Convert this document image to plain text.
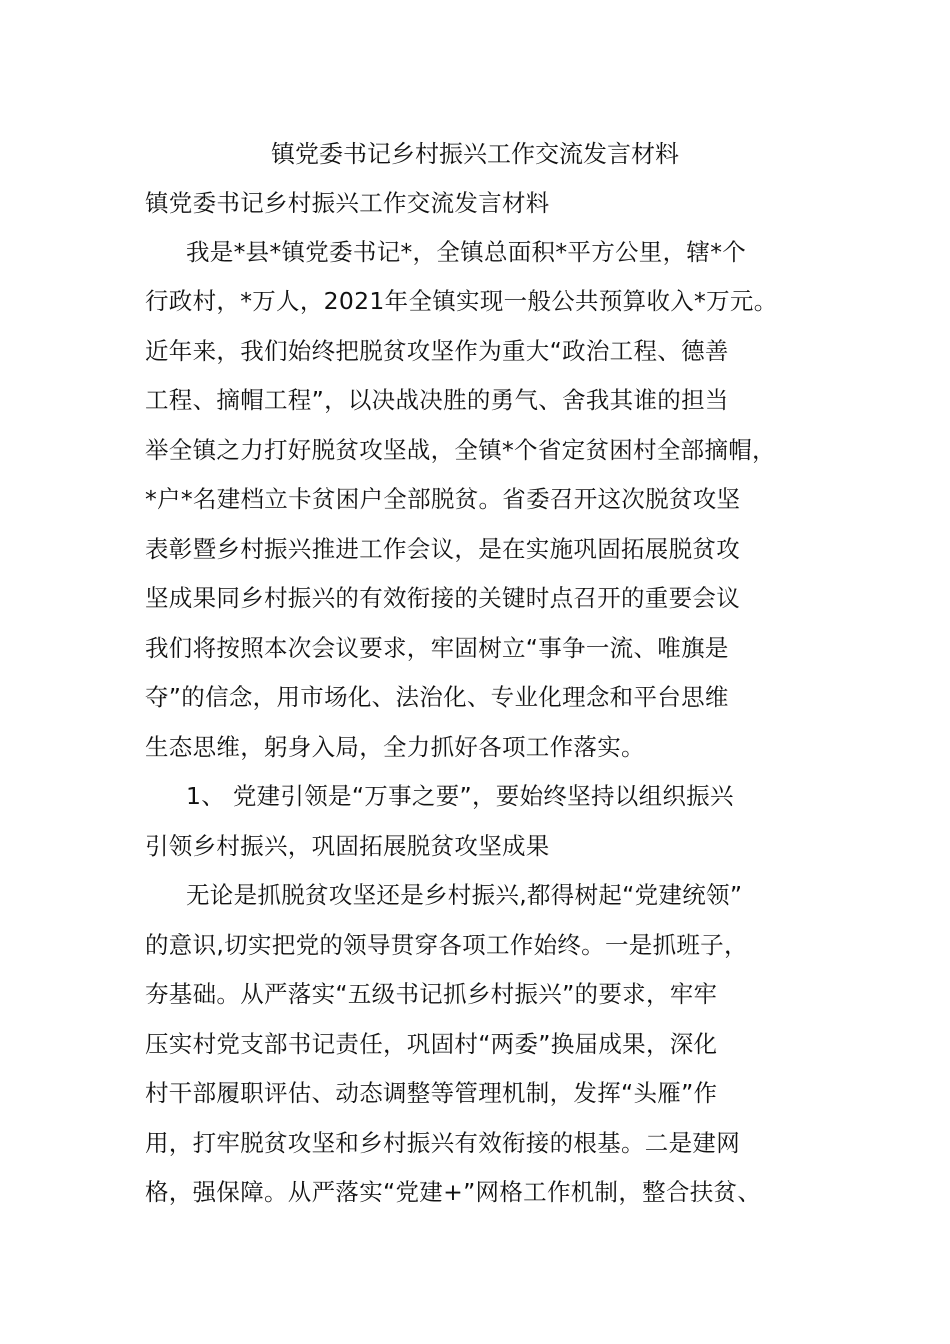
镇党委书记乡村振兴工作交流发言材料
镇党委书记乡村振兴工作交流发言材料
我是*县*镇党委书记*，全镇总面积*平方公里，辖*个
行政村，*万人，2021年全镇实现一般公共预算收入*万元。
近年来，我们始终把脱贫攻坚作为重大“政治工程、德善
工程、摘帽工程”，以决战决胜的勇气、舍我其谁的担当
举全镇之力打好脱贫攻坚战，全镇*个省定贫困村全部摘帽，
*户*名建档立卡贫困户全部脱贫。省委召开这次脱贫攻坚
表彰暨乡村振兴推进工作会议，是在实施巩固拓展脱贫攻
坚成果同乡村振兴的有效衔接的关键时点召开的重要会议
我们将按照本次会议要求，牢固树立“事争一流、唯旗是
夺”的信念，用市场化、法治化、专业化理念和平台思维
生态思维，躬身入局，全力抓好各项工作落实。
1、 党建引领是“万事之要”，要始终坚持以组织振兴
引领乡村振兴，巩固拓展脱贫攻坚成果
无论是抓脱贫攻坚还是乡村振兴,都得树起“党建统领”
的意识,切实把党的领导贯穿各项工作始终。一是抓班子，
夯基础。从严落实“五级书记抓乡村振兴”的要求，牢牢
压实村党支部书记责任，巩固村“两委”换届成果，深化
村干部履职评估、动态调整等管理机制，发挥“头雁”作
用，打牢脱贫攻坚和乡村振兴有效衔接的根基。二是建网
格，强保障。从严落实“党建+”网格工作机制，整合扶贫、
